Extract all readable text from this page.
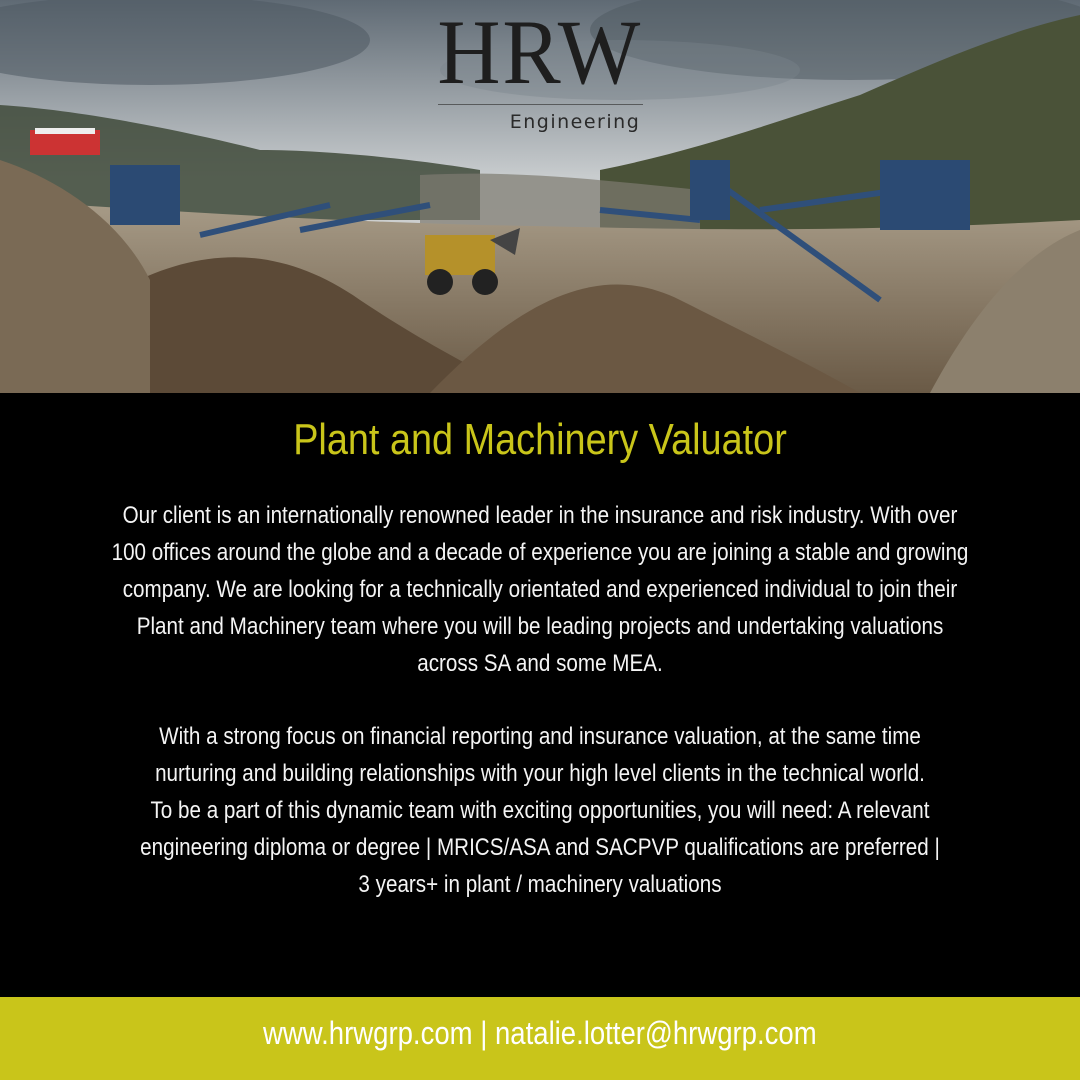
HRW
Engineering
Plant and Machinery Valuator
Our client is an internationally renowned leader in the insurance and risk industry. With over
100 offices around the globe and a decade of experience you are joining a stable and growing
company. We are looking for a technically orientated and experienced individual to join their
Plant and Machinery team where you will be leading projects and undertaking valuations
across SA and some MEA.
With a strong focus on financial reporting and insurance valuation, at the same time
nurturing and building relationships with your high level clients in the technical world.
To be a part of this dynamic team with exciting opportunities, you will need: A relevant
engineering diploma or degree | MRICS/ASA and SACPVP qualifications are preferred |
3 years+ in plant / machinery valuations
www.hrwgrp.com | natalie.lotter@hrwgrp.com
